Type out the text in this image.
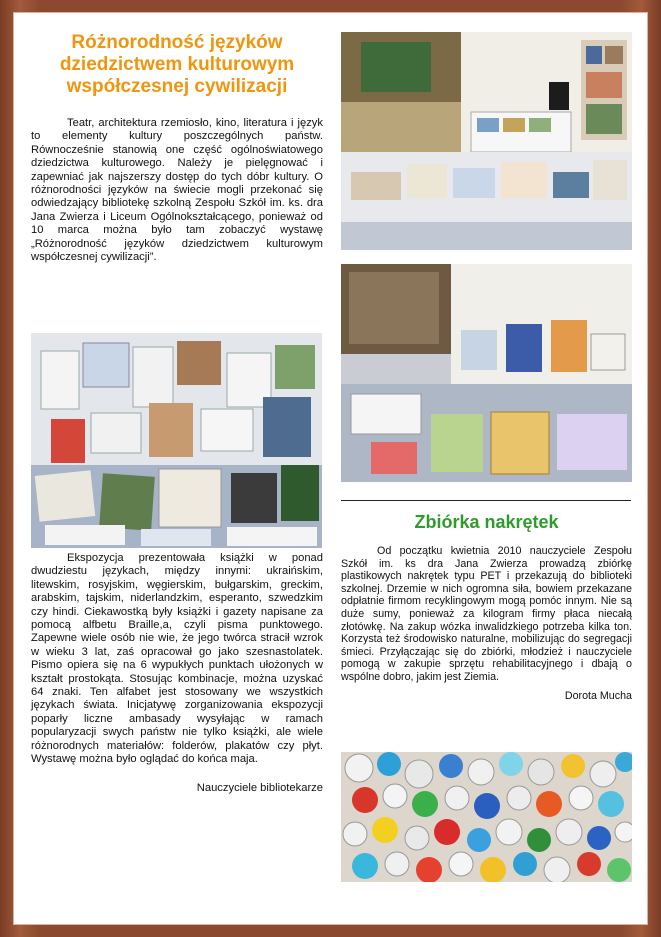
Różnorodność języków dziedzictwem kulturowym współczesnej cywilizacji

Teatr, architektura rzemiosło, kino, literatura i język to elementy kultury poszczególnych państw. Równocześnie stanowią one część ogólnoświatowego dziedzictwa kulturowego. Należy je pielęgnować i zapewniać jak najszerszy dostęp do tych dóbr kultury. O różnorodności języków na świecie mogli przekonać się odwiedzający bibliotekę szkolną Zespołu Szkół im. ks. dra Jana Zwierza i Liceum Ogólnokształcącego, ponieważ od 10 marca można było tam zobaczyć wystawę „Różnorodność języków dziedzictwem kulturowym współczesnej cywilizacji”.

Ekspozycja prezentowała książki w ponad dwudziestu językach, między innymi: ukraińskim, litewskim, rosyjskim, węgierskim, bułgarskim, greckim, arabskim, tajskim, niderlandzkim, esperanto, szwedzkim czy hindi. Ciekawostką były książki i gazety napisane za pomocą alfbetu Braille,a, czyli pisma punktowego. Zapewne wiele osób nie wie, że jego twórca stracił wzrok w wieku 3 lat, zaś opracował go jako szesnastolatek. Pismo opiera się na 6 wypukłych punktach ułożonych w kształt prostokąta. Stosując kombinacje, można uzyskać 64 znaki. Ten alfabet jest stosowany we wszystkich językach świata. Inicjatywę zorganizowania ekspozycji poparły liczne ambasady wysyłając w ramach popularyzacji swych państw nie tylko książki, ale wiele różnorodnych materiałów: folderów, plakatów czy płyt. Wystawę można było oglądać do końca maja.

Nauczyciele bibliotekarze
Zbiórka nakrętek

Od początku kwietnia 2010 nauczyciele Zespołu Szkół im. ks dra Jana Zwierza prowadzą zbiórkę plastikowych nakrętek typu PET i przekazują do biblioteki szkolnej. Drzemie w nich ogromna siła, bowiem przekazane odpłatnie firmom recyklingowym mogą pomóc innym. Nie są duże sumy, ponieważ za kilogram firmy płaca niecałą złotówkę. Na zakup wózka inwalidzkiego potrzeba kilka ton. Korzysta też środowisko naturalne, mobilizując do segregacji śmieci. Przyłączając się do zbiórki, młodzież i nauczyciele pomogą w zakupie sprzętu rehabilitacyjnego i dbają o wspólne dobro, jakim jest Ziemia.

Dorota Mucha
